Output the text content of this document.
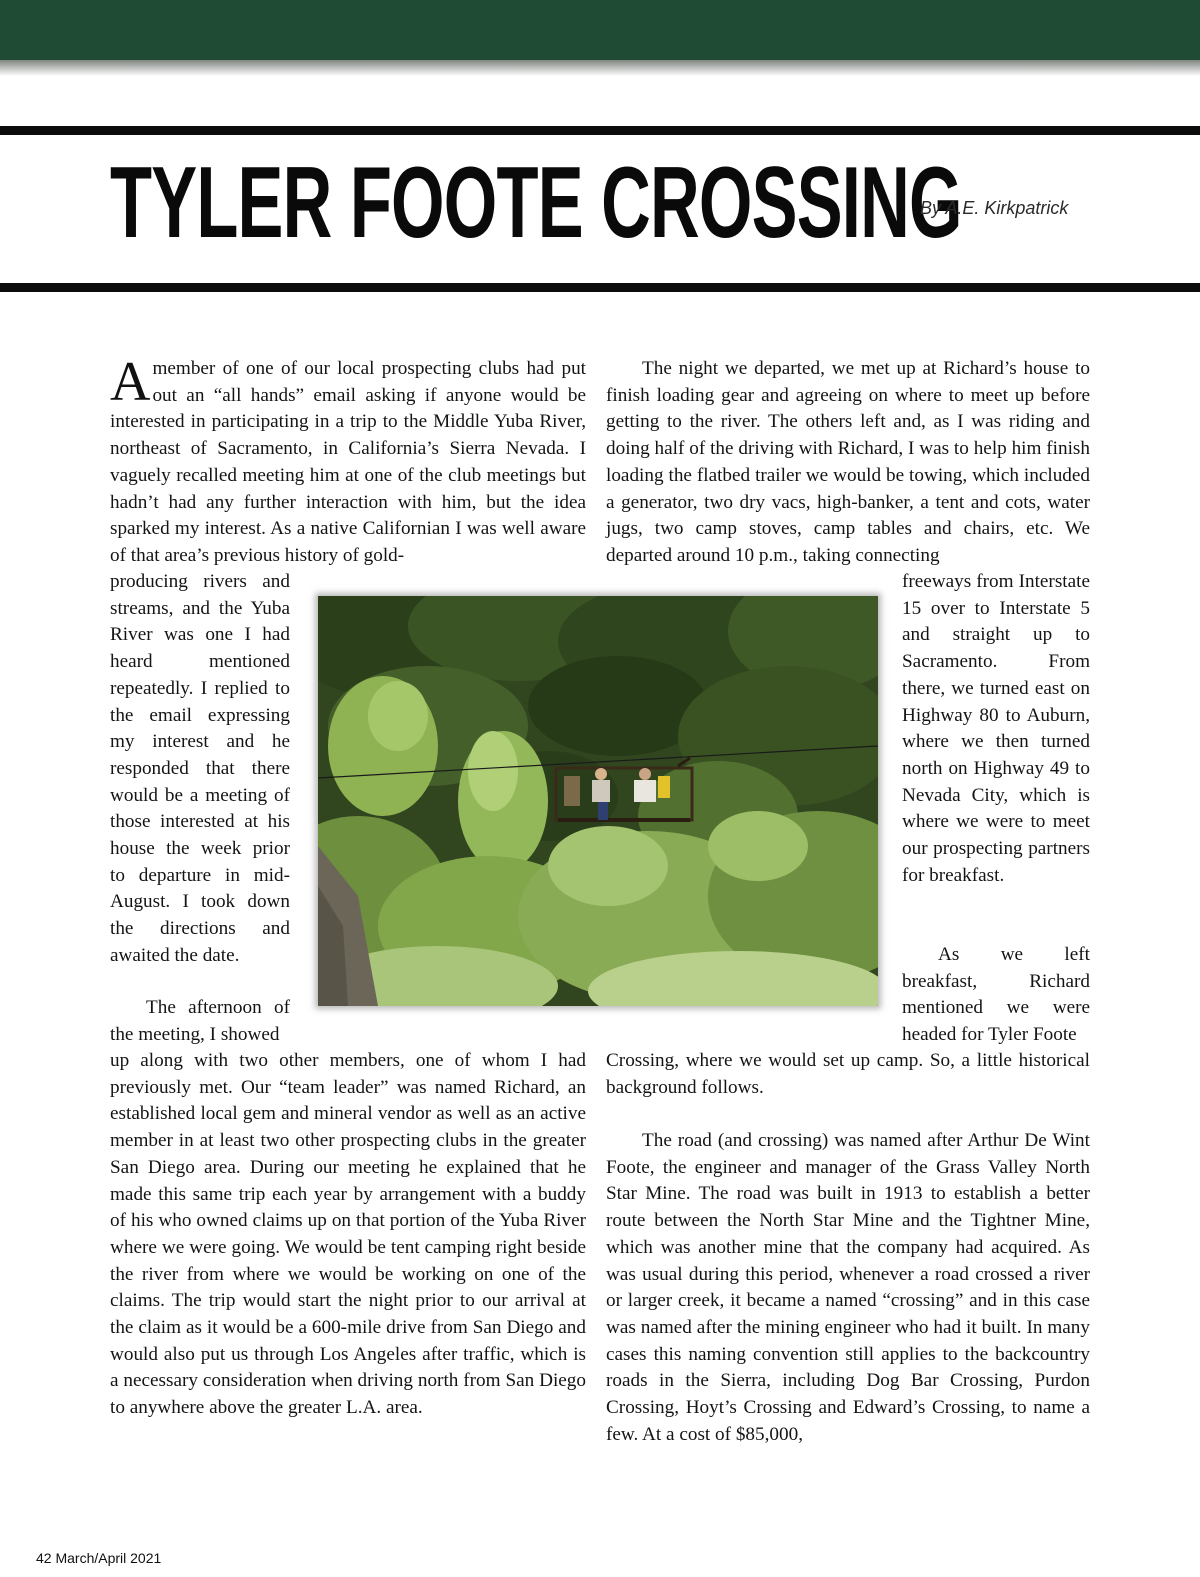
TYLER FOOTE CROSSING
By A.E. Kirkpatrick

Amember of one of our local prospecting clubs had put out an “all hands” email asking if anyone would be interested in participating in a trip to the Middle Yuba River, northeast of Sacramento, in California’s Sierra Nevada. I vaguely recalled meeting him at one of the club meetings but hadn’t had any further interaction with him, but the idea sparked my interest. As a native Californian I was well aware of that area’s previous history of gold-

producing rivers and streams, and the Yuba River was one I had heard mentioned repeatedly. I replied to the email expressing my interest and he responded that there would be a meeting of those interested at his house the week prior to departure in mid-August. I took down the directions and awaited the date.

The afternoon of the meeting, I showed

up along with two other members, one of whom I had previously met. Our “team leader” was named Richard, an established local gem and mineral vendor as well as an active member in at least two other prospecting clubs in the greater San Diego area. During our meeting he explained that he made this same trip each year by arrangement with a buddy of his who owned claims up on that portion of the Yuba River where we were going. We would be tent camping right beside the river from where we would be working on one of the claims. The trip would start the night prior to our arrival at the claim as it would be a 600-mile drive from San Diego and would also put us through Los Angeles after traffic, which is a necessary consideration when driving north from San Diego to anywhere above the greater L.A. area.

The night we departed, we met up at Richard’s house to finish loading gear and agreeing on where to meet up before getting to the river. The others left and, as I was riding and doing half of the driving with Richard, I was to help him finish loading the flatbed trailer we would be towing, which included a generator, two dry vacs, high-banker, a tent and cots, water jugs, two camp stoves, camp tables and chairs, etc. We departed around 10 p.m., taking connecting

freeways from Interstate 15 over to Interstate 5 and straight up to Sacramento. From there, we turned east on Highway 80 to Auburn, where we then turned north on Highway 49 to Nevada City, which is where we were to meet our prospecting partners for breakfast.

As we left breakfast, Richard mentioned we were headed for Tyler Foote

Crossing, where we would set up camp. So, a little historical background follows.

The road (and crossing) was named after Arthur De Wint Foote, the engineer and manager of the Grass Valley North Star Mine. The road was built in 1913 to establish a better route between the North Star Mine and the Tightner Mine, which was another mine that the company had acquired. As was usual during this period, whenever a road crossed a river or larger creek, it became a named “crossing” and in this case was named after the mining engineer who had it built. In many cases this naming convention still applies to the backcountry roads in the Sierra, including Dog Bar Crossing, Purdon Crossing, Hoyt’s Crossing and Edward’s Crossing, to name a few. At a cost of $85,000,

42 March/April 2021
